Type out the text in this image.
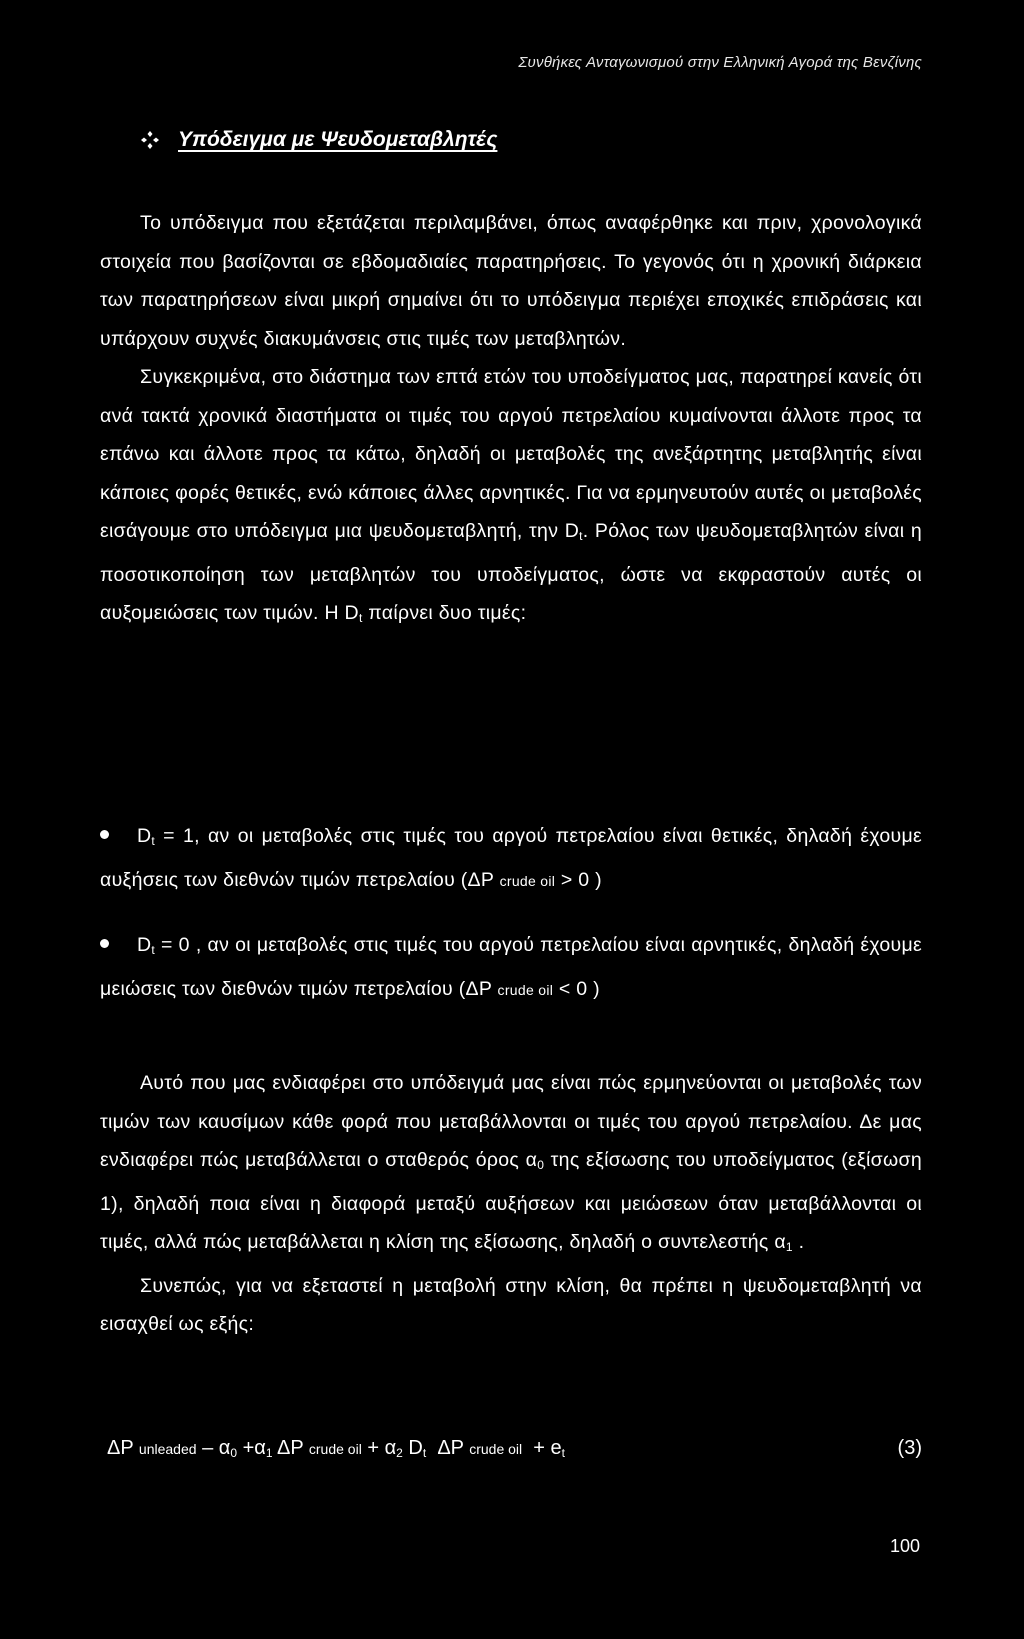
Συνθήκες Ανταγωνισμού στην Ελληνική Αγορά της Βενζίνης
Υπόδειγμα με Ψευδομεταβλητές

Το υπόδειγμα που εξετάζεται περιλαμβάνει, όπως αναφέρθηκε και πριν, χρονολογικά στοιχεία που βασίζονται σε εβδομαδιαίες παρατηρήσεις. Το γεγονός ότι η χρονική διάρκεια των παρατηρήσεων είναι μικρή σημαίνει ότι το υπόδειγμα περιέχει εποχικές επιδράσεις και υπάρχουν συχνές διακυμάνσεις στις τιμές των μεταβλητών.

Συγκεκριμένα, στο διάστημα των επτά ετών του υποδείγματος μας, παρατηρεί κανείς ότι ανά τακτά χρονικά διαστήματα οι τιμές του αργού πετρελαίου κυμαίνονται άλλοτε προς τα επάνω και άλλοτε προς τα κάτω, δηλαδή οι μεταβολές της ανεξάρτητης μεταβλητής είναι κάποιες φορές θετικές, ενώ κάποιες άλλες αρνητικές. Για να ερμηνευτούν αυτές οι μεταβολές εισάγουμε στο υπόδειγμα μια ψευδομεταβλητή, την $D_t$. Ρόλος των ψευδομεταβλητών είναι η ποσοτικοποίηση των μεταβλητών του υποδείγματος, ώστε να εκφραστούν αυτές οι αυξομειώσεις των τιμών. Η $D_t$ παίρνει δυο τιμές:

$D_t = 1$, αν οι μεταβολές στις τιμές του αργού πετρελαίου είναι θετικές, δηλαδή έχουμε αυξήσεις των διεθνών τιμών πετρελαίου (ΔP crude oil > 0 )
$D_t = 0$ , αν οι μεταβολές στις τιμές του αργού πετρελαίου είναι αρνητικές, δηλαδή έχουμε μειώσεις των διεθνών τιμών πετρελαίου (ΔP crude oil < 0 )

Αυτό που μας ενδιαφέρει στο υπόδειγμά μας είναι πώς ερμηνεύονται οι μεταβολές των τιμών των καυσίμων κάθε φορά που μεταβάλλονται οι τιμές του αργού πετρελαίου. Δε μας ενδιαφέρει πώς μεταβάλλεται ο σταθερός όρος $\alpha_0$ της εξίσωσης του υποδείγματος (εξίσωση 1), δηλαδή ποια είναι η διαφορά μεταξύ αυξήσεων και μειώσεων όταν μεταβάλλονται οι τιμές, αλλά πώς μεταβάλλεται η κλίση της εξίσωσης, δηλαδή ο συντελεστής $\alpha_1$ .

Συνεπώς, για να εξεταστεί η μεταβολή στην κλίση, θα πρέπει η ψευδομεταβλητή να εισαχθεί ως εξής:

ΔP unleaded – $\alpha_0 +\alpha_1$ ΔP crude oil + $\alpha_2$ $D_t$  ΔP crude oil  + $e_t$	(3)
100
